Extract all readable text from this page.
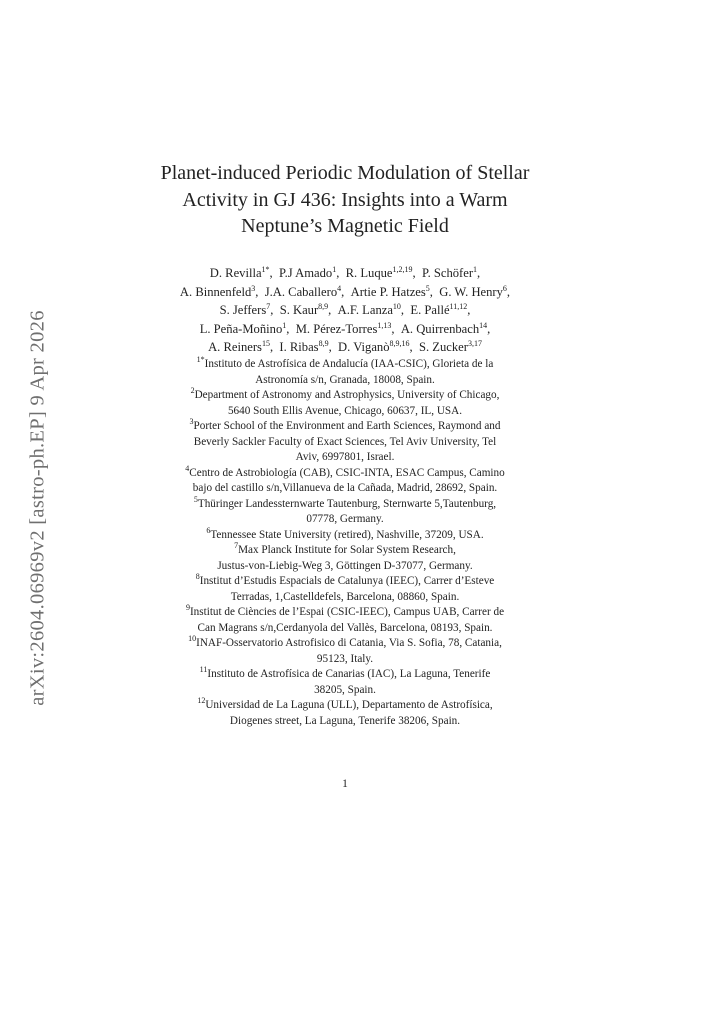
arXiv:2604.06969v2 [astro-ph.EP] 9 Apr 2026
Planet-induced Periodic Modulation of Stellar
Activity in GJ 436: Insights into a Warm
Neptune’s Magnetic Field
D. Revilla$^{1*}$,  P.J Amado$^1$,  R. Luque$^{1,2,19}$,  P. Schöfer$^1$,
A. Binnenfeld$^3$,  J.A. Caballero$^4$,  Artie P. Hatzes$^5$,  G. W. Henry$^6$,
S. Jeffers$^7$,  S. Kaur$^{8,9}$,  A.F. Lanza$^{10}$,  E. Pallé$^{11,12}$,
L. Peña-Moñino$^1$,  M. Pérez-Torres$^{1,13}$,  A. Quirrenbach$^{14}$,
A. Reiners$^{15}$,  I. Ribas$^{8,9}$,  D. Viganò$^{8,9,16}$,  S. Zucker$^{3,17}$
$^{1*}$Instituto de Astrofísica de Andalucía (IAA-CSIC), Glorieta de la
Astronomía s/n, Granada, 18008, Spain.
$^2$Department of Astronomy and Astrophysics, University of Chicago,
5640 South Ellis Avenue, Chicago, 60637, IL, USA.
$^3$Porter School of the Environment and Earth Sciences, Raymond and
Beverly Sackler Faculty of Exact Sciences, Tel Aviv University, Tel
Aviv, 6997801, Israel.
$^4$Centro de Astrobiología (CAB), CSIC-INTA, ESAC Campus, Camino
bajo del castillo s/n,Villanueva de la Cañada, Madrid, 28692, Spain.
$^5$Thüringer Landessternwarte Tautenburg, Sternwarte 5,Tautenburg,
07778, Germany.
$^6$Tennessee State University (retired), Nashville, 37209, USA.
$^7$Max Planck Institute for Solar System Research,
Justus-von-Liebig-Weg 3, Göttingen D-37077, Germany.
$^8$Institut d’Estudis Espacials de Catalunya (IEEC), Carrer d’Esteve
Terradas, 1,Castelldefels, Barcelona, 08860, Spain.
$^9$Institut de Ciències de l’Espai (CSIC-IEEC), Campus UAB, Carrer de
Can Magrans s/n,Cerdanyola del Vallès, Barcelona, 08193, Spain.
$^{10}$INAF-Osservatorio Astrofisico di Catania, Via S. Sofia, 78, Catania,
95123, Italy.
$^{11}$Instituto de Astrofísica de Canarias (IAC), La Laguna, Tenerife
38205, Spain.
$^{12}$Universidad de La Laguna (ULL), Departamento de Astrofísica,
Diogenes street, La Laguna, Tenerife 38206, Spain.
1
